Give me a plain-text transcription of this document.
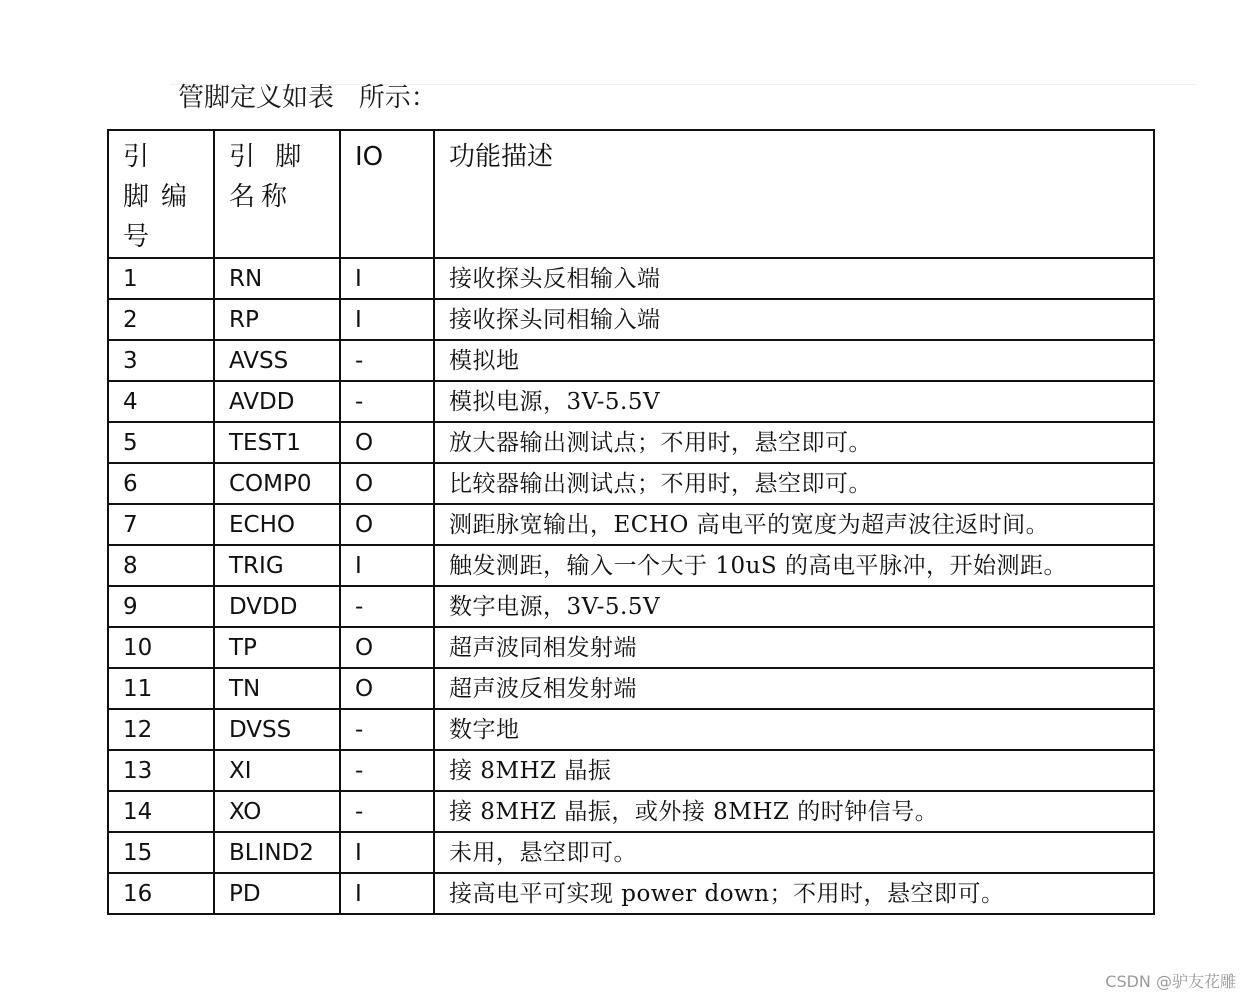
管脚定义如表   所示：
引 脚编号	引 脚 名称	IO	功能描述
1	RN	I	接收探头反相输入端
2	RP	I	接收探头同相输入端
3	AVSS	-	模拟地
4	AVDD	-	模拟电源，3V-5.5V
5	TEST1	O	放大器输出测试点；不用时，悬空即可。
6	COMP0	O	比较器输出测试点；不用时，悬空即可。
7	ECHO	O	测距脉宽输出，ECHO 高电平的宽度为超声波往返时间。
8	TRIG	I	触发测距，输入一个大于 10uS 的高电平脉冲，开始测距。
9	DVDD	-	数字电源，3V-5.5V
10	TP	O	超声波同相发射端
11	TN	O	超声波反相发射端
12	DVSS	-	数字地
13	XI	-	接 8MHZ 晶振
14	XO	-	接 8MHZ 晶振，或外接 8MHZ 的时钟信号。
15	BLIND2	I	未用，悬空即可。
16	PD	I	接高电平可实现 power down；不用时，悬空即可。
CSDN @驴友花雕
